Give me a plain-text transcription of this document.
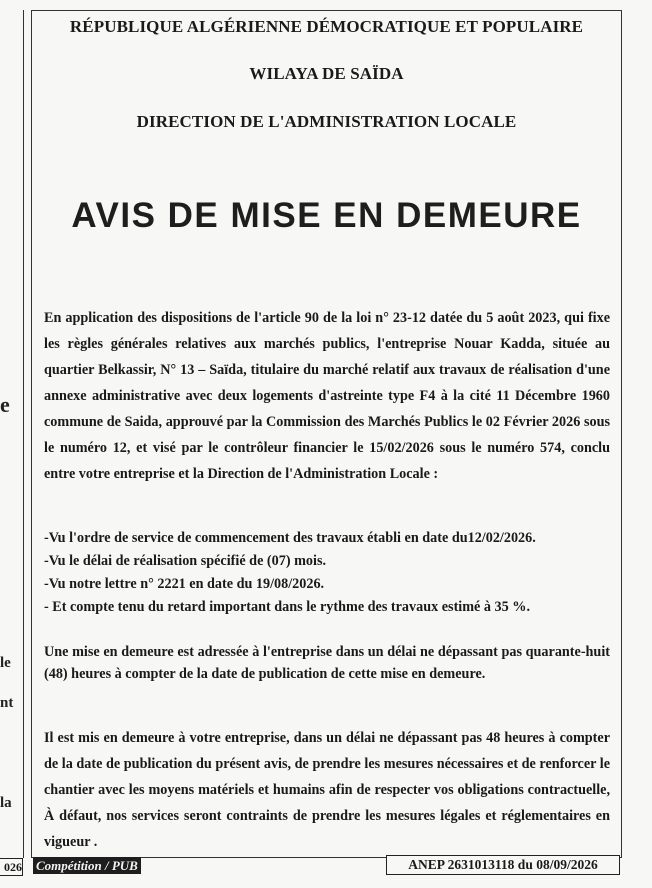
e
le
nt
la
026
RÉPUBLIQUE ALGÉRIENNE DÉMOCRATIQUE ET POPULAIRE
WILAYA DE SAÏDA
DIRECTION DE L'ADMINISTRATION LOCALE
AVIS DE MISE EN DEMEURE
En application des dispositions de l'article 90 de la loi n° 23-12 datée du 5 août 2023, qui fixe les règles générales relatives aux marchés publics, l'entreprise Nouar Kadda, située au quartier Belkassir, N° 13 – Saïda, titulaire du marché relatif aux travaux de réalisation d'une annexe administrative avec deux logements d'astreinte type F4 à la cité 11 Décembre 1960 commune de Saida, approuvé par la Commission des Marchés Publics le 02 Février 2026 sous le numéro 12, et visé par le contrôleur financier le 15/02/2026 sous le numéro 574, conclu entre votre entreprise et la Direction de l'Administration Locale :
-Vu l'ordre de service de commencement des travaux établi en date du12/02/2026.
-Vu le délai de réalisation spécifié de (07) mois.
-Vu notre lettre n° 2221 en date du 19/08/2026.
- Et compte tenu du retard important dans le rythme des travaux estimé à 35 %.
Une mise en demeure est adressée à l'entreprise dans un délai ne dépassant pas quarante-huit (48) heures à compter de la date de publication de cette mise en demeure.
Il est mis en demeure à votre entreprise, dans un délai ne dépassant pas 48 heures à compter de la date de publication du présent avis, de prendre les mesures nécessaires et de renforcer le chantier avec les moyens matériels et humains afin de respecter vos obligations contractuelle, À défaut, nos services seront contraints de prendre les mesures légales et réglementaires en vigueur .
Compétition / PUB	ANEP 2631013118 du 08/09/2026
